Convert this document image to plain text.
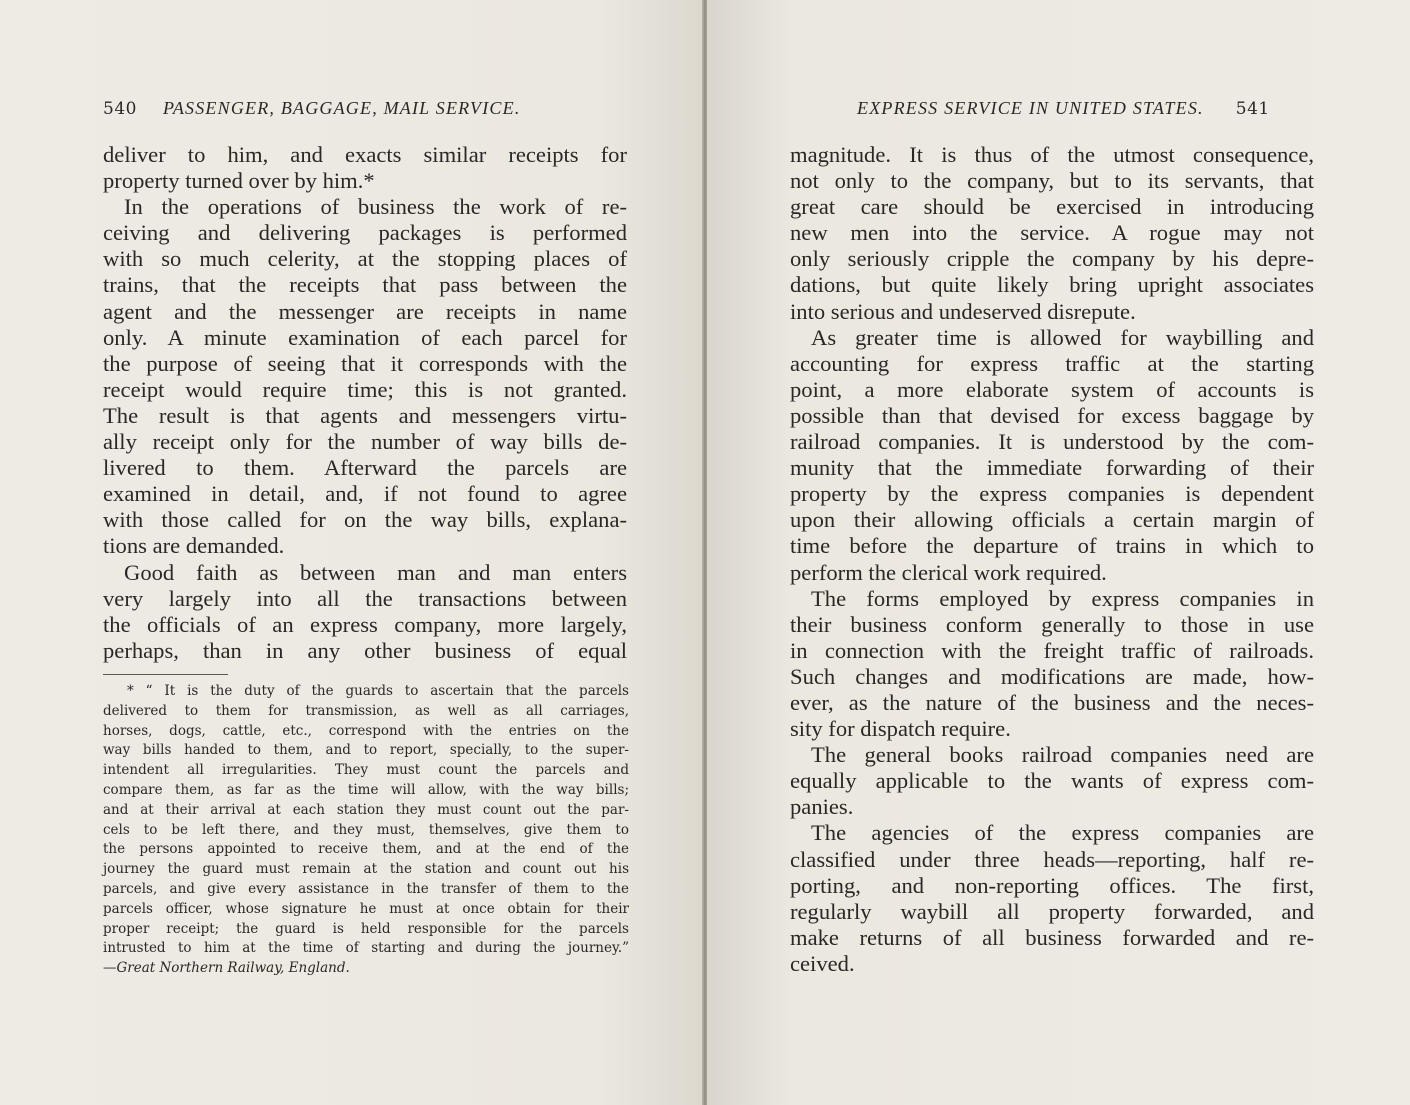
540 PASSENGER, BAGGAGE, MAIL SERVICE.

deliver to him, and exacts similar receipts for

property turned over by him.*

In the operations of business the work of re-

ceiving and delivering packages is performed

with so much celerity, at the stopping places of

trains, that the receipts that pass between the

agent and the messenger are receipts in name

only. A minute examination of each parcel for

the purpose of seeing that it corresponds with the

receipt would require time; this is not granted.

The result is that agents and messengers virtu-

ally receipt only for the number of way bills de-

livered to them. Afterward the parcels are

examined in detail, and, if not found to agree

with those called for on the way bills, explana-

tions are demanded.

Good faith as between man and man enters

very largely into all the transactions between

the officials of an express company, more largely,

perhaps, than in any other business of equal

* “ It is the duty of the guards to ascertain that the parcels

delivered to them for transmission, as well as all carriages,

horses, dogs, cattle, etc., correspond with the entries on the

way bills handed to them, and to report, specially, to the super-

intendent all irregularities. They must count the parcels and

compare them, as far as the time will allow, with the way bills;

and at their arrival at each station they must count out the par-

cels to be left there, and they must, themselves, give them to

the persons appointed to receive them, and at the end of the

journey the guard must remain at the station and count out his

parcels, and give every assistance in the transfer of them to the

parcels officer, whose signature he must at once obtain for their

proper receipt; the guard is held responsible for the parcels

intrusted to him at the time of starting and during the journey.”

—Great Northern Railway, England.

EXPRESS SERVICE IN UNITED STATES. 541

magnitude. It is thus of the utmost consequence,

not only to the company, but to its servants, that

great care should be exercised in introducing

new men into the service. A rogue may not

only seriously cripple the company by his depre-

dations, but quite likely bring upright associates

into serious and undeserved disrepute.

As greater time is allowed for waybilling and

accounting for express traffic at the starting

point, a more elaborate system of accounts is

possible than that devised for excess baggage by

railroad companies. It is understood by the com-

munity that the immediate forwarding of their

property by the express companies is dependent

upon their allowing officials a certain margin of

time before the departure of trains in which to

perform the clerical work required.

The forms employed by express companies in

their business conform generally to those in use

in connection with the freight traffic of railroads.

Such changes and modifications are made, how-

ever, as the nature of the business and the neces-

sity for dispatch require.

The general books railroad companies need are

equally applicable to the wants of express com-

panies.

The agencies of the express companies are

classified under three heads—reporting, half re-

porting, and non-reporting offices. The first,

regularly waybill all property forwarded, and

make returns of all business forwarded and re-

ceived.
